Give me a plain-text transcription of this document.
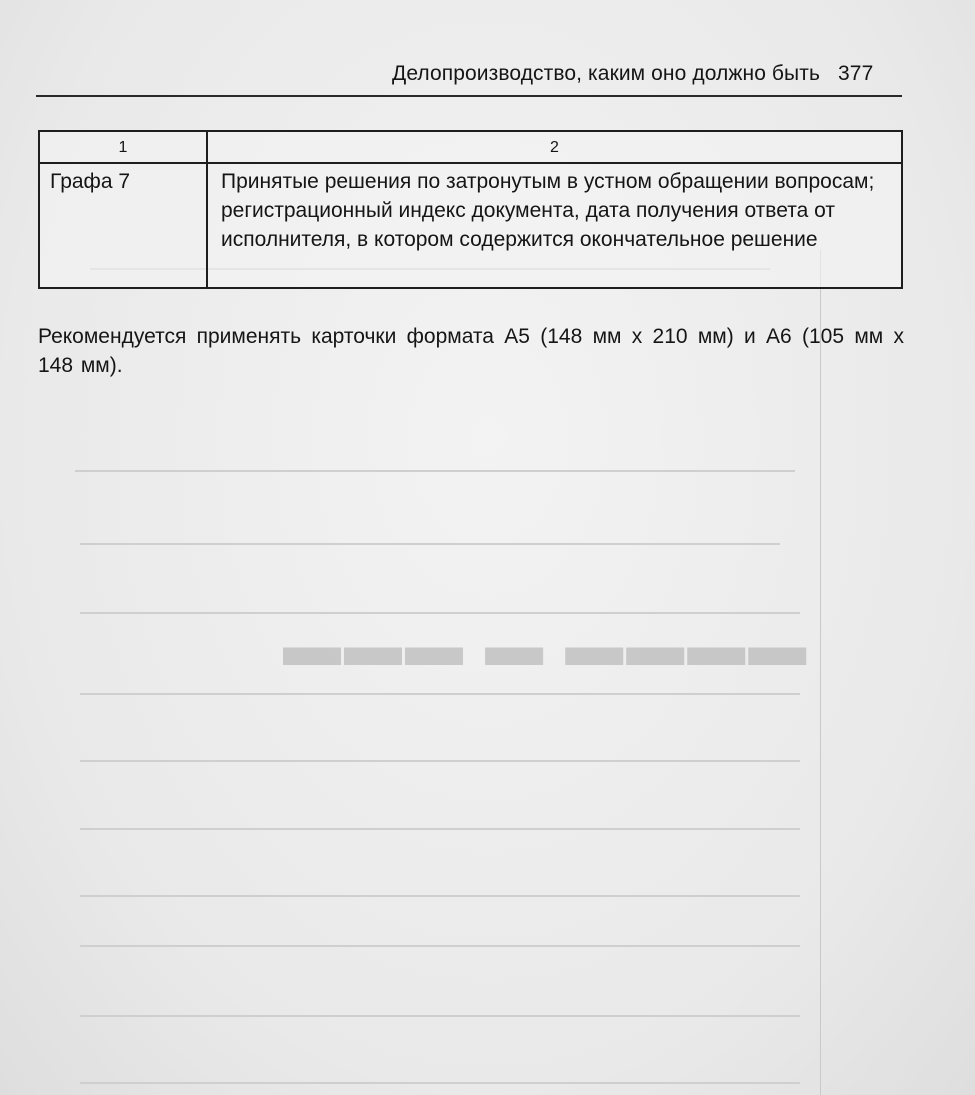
▬▬▬▬ ▬ ▬▬▬
Делопроизводство, каким оно должно быть 377
1	2
Графа 7	Принятые решения по затронутым в устном обращении вопросам; регистрационный индекс документа, дата получения ответа от исполнителя, в котором содержится окончательное решение

Рекомендуется применять карточки формата А5 (148 мм х 210 мм) и А6 (105 мм х 148 мм).
